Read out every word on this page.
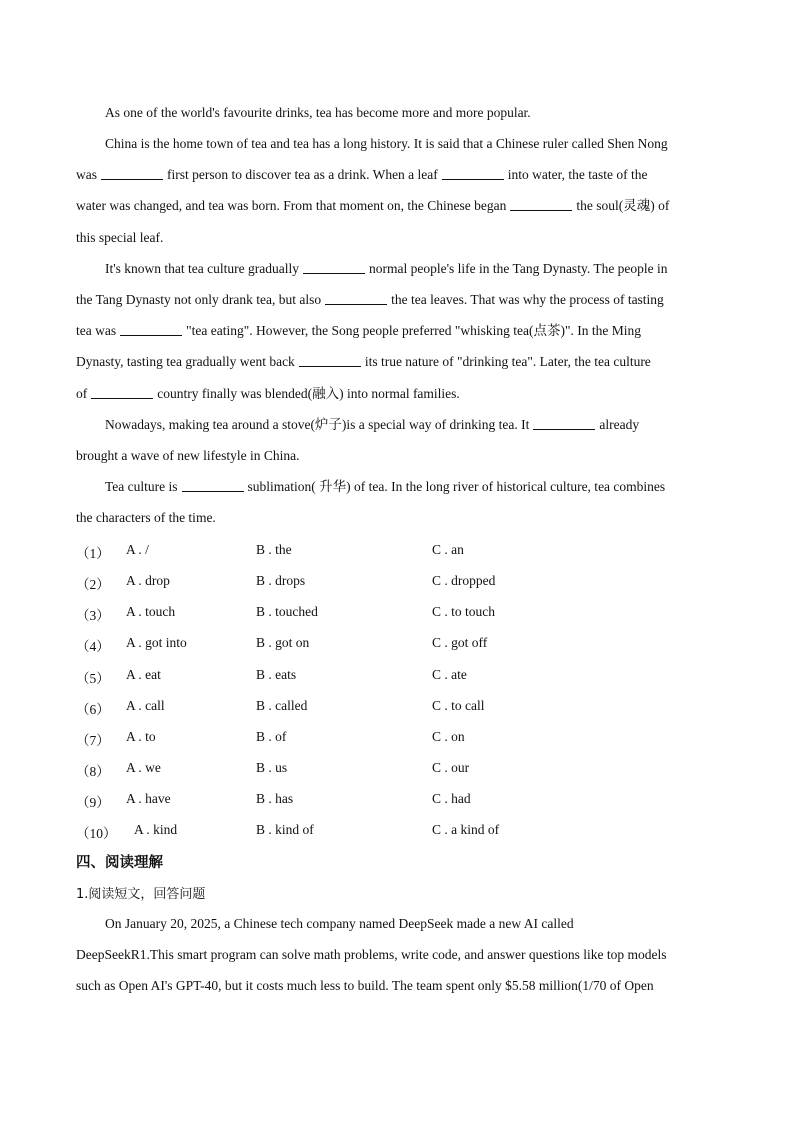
As one of the world's favourite drinks, tea has become more and more popular.
China is the home town of tea and tea has a long history. It is said that a Chinese ruler called Shen Nong
was	first person to discover tea as a drink. When a leaf	into water, the taste of the
water was changed, and tea was born. From that moment on, the Chinese began	the soul(灵魂) of
this special leaf.
It's known that tea culture gradually	normal people's life in the Tang Dynasty. The people in
the Tang Dynasty not only drank tea, but also	the tea leaves. That was why the process of tasting
tea was	"tea eating". However, the Song people preferred "whisking tea(点茶)". In the Ming
Dynasty, tasting tea gradually went back	its true nature of "drinking tea". Later, the tea culture
of	country finally was blended(融入) into normal families.
Nowadays, making tea around a stove(炉子)is a special way of drinking tea. It	already
brought a wave of new lifestyle in China.
Tea culture is	sublimation( 升华) of tea. In the long river of historical culture, tea combines
the characters of the time.
（1） A . /	B . the	C . an
（2） A . drop	B . drops	C . dropped
（3） A . touch	B . touched	C . to touch
（4） A . got into	B . got on	C . got off
（5） A . eat	B . eats	C . ate
（6） A . call	B . called	C . to call
（7） A . to	B . of	C . on
（8） A . we	B . us	C . our
（9） A . have	B . has	C . had
（10） A . kind	B . kind of	C . a kind of
四、阅读理解
1.阅读短文，回答问题
On January 20, 2025, a Chinese tech company named DeepSeek made a new AI called
DeepSeekR1.This smart program can solve math problems, write code, and answer questions like top models
such as Open AI's GPT-40, but it costs much less to build. The team spent only $5.58 million(1/70 of Open
